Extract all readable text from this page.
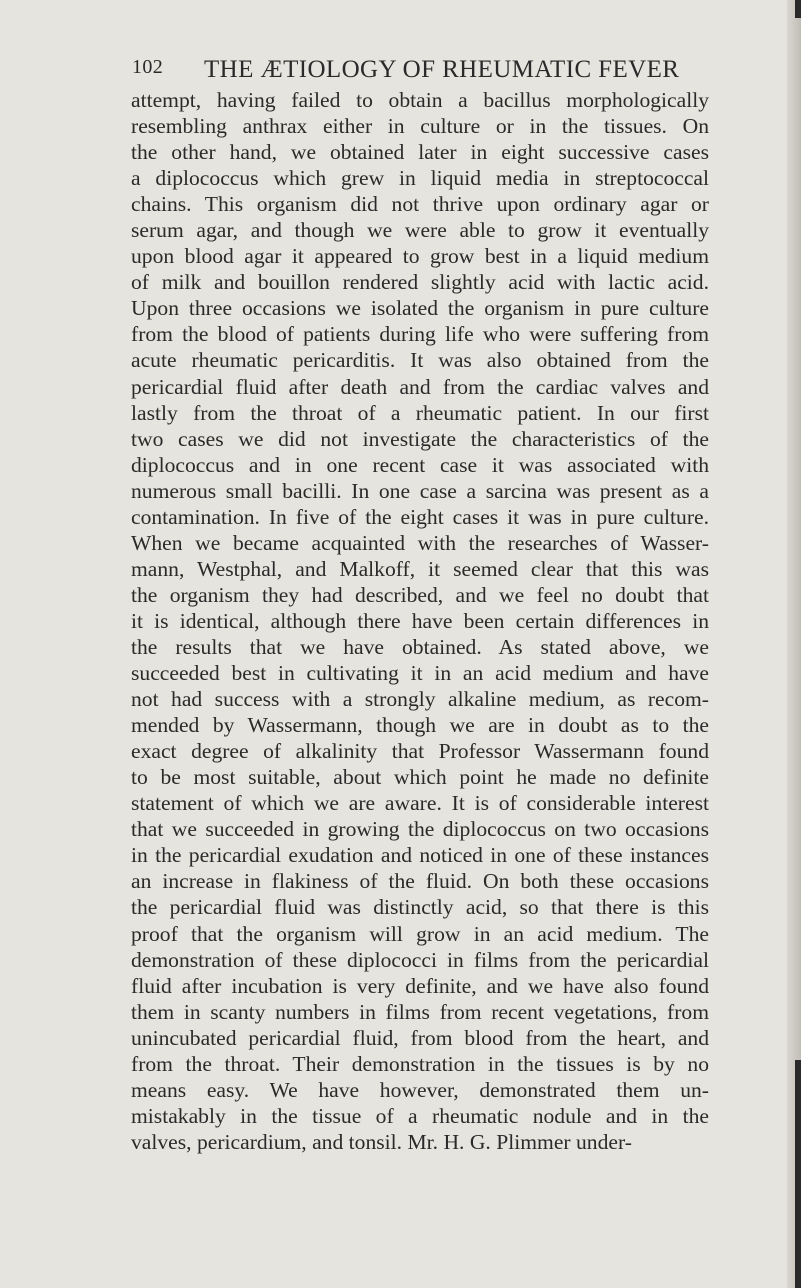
102 THE ÆTIOLOGY OF RHEUMATIC FEVER
attempt, having failed to obtain a bacillus morphologically
resembling anthrax either in culture or in the tissues. On
the other hand, we obtained later in eight successive cases
a diplococcus which grew in liquid media in streptococcal
chains. This organism did not thrive upon ordinary agar or
serum agar, and though we were able to grow it eventually
upon blood agar it appeared to grow best in a liquid medium
of milk and bouillon rendered slightly acid with lactic acid.
Upon three occasions we isolated the organism in pure culture
from the blood of patients during life who were suffering from
acute rheumatic pericarditis. It was also obtained from the
pericardial fluid after death and from the cardiac valves and
lastly from the throat of a rheumatic patient. In our first
two cases we did not investigate the characteristics of the
diplococcus and in one recent case it was associated with
numerous small bacilli. In one case a sarcina was present as a
contamination. In five of the eight cases it was in pure culture.
When we became acquainted with the researches of Wasser-
mann, Westphal, and Malkoff, it seemed clear that this was
the organism they had described, and we feel no doubt that
it is identical, although there have been certain differences in
the results that we have obtained. As stated above, we
succeeded best in cultivating it in an acid medium and have
not had success with a strongly alkaline medium, as recom-
mended by Wassermann, though we are in doubt as to the
exact degree of alkalinity that Professor Wassermann found
to be most suitable, about which point he made no definite
statement of which we are aware. It is of considerable interest
that we succeeded in growing the diplococcus on two occasions
in the pericardial exudation and noticed in one of these instances
an increase in flakiness of the fluid. On both these occasions
the pericardial fluid was distinctly acid, so that there is this
proof that the organism will grow in an acid medium. The
demonstration of these diplococci in films from the pericardial
fluid after incubation is very definite, and we have also found
them in scanty numbers in films from recent vegetations, from
unincubated pericardial fluid, from blood from the heart, and
from the throat. Their demonstration in the tissues is by no
means easy. We have however, demonstrated them un-
mistakably in the tissue of a rheumatic nodule and in the
valves, pericardium, and tonsil. Mr. H. G. Plimmer under-
